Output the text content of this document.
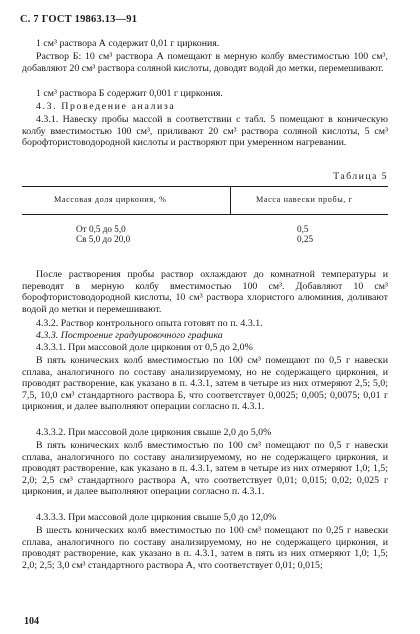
С. 7 ГОСТ 19863.13—91
1 см³ раствора А содержит 0,01 г циркония.
Раствор Б: 10 см³ раствора А помещают в мерную колбу вместимостью 100 см³, добавляют 20 см³ раствора соляной кислоты, доводят водой до метки, перемешивают.
1 см³ раствора Б содержит 0,001 г циркония.
4.3. Проведение анализа
4.3.1. Навеску пробы массой в соответствии с табл. 5 помещают в коническую колбу вместимостью 100 см³, приливают 20 см³ раствора соляной кислоты, 5 см³ борофтористоводородной кислоты и растворяют при умеренном нагревании.
Таблица 5
Массовая доля циркония, %	Масса навески пробы, г
От 0,5 до 5,0	0,5
Св 5,0 до 20,0	0,25
После растворения пробы раствор охлаждают до комнатной температуры и переводят в мерную колбу вместимостью 100 см³. Добавляют 10 см³ борофтористоводородной кислоты, 10 см³ раствора хлористого алюминия, доливают водой до метки и перемешивают.
4.3.2. Раствор контрольного опыта готовят по п. 4.3.1.
4.3.3. Построение градуировочного графика
4.3.3.1. При массовой доле циркония от 0,5 до 2,0%
В пять конических колб вместимостью по 100 см³ помещают по 0,5 г навески сплава, аналогичного по составу анализируемому, но не содержащего циркония, и проводят растворение, как указано в п. 4.3.1, затем в четыре из них отмеряют 2,5; 5,0; 7,5, 10,0 см³ стандартного раствора Б, что соответствует 0,0025; 0,005; 0,0075; 0,01 г циркония, и далее выполняют операции согласно п. 4.3.1.
4.3.3.2. При массовой доле циркония свыше 2,0 до 5,0%
В пять конических колб вместимостью по 100 см³ помещают по 0,5 г навески сплава, аналогичного по составу анализируемому, но не содержащего циркония, и проводят растворение, как указано в п. 4.3.1, затем в четыре из них отмеряют 1,0; 1,5; 2,0; 2,5 см³ стандартного раствора А, что соответствует 0,01; 0,015; 0,02; 0,025 г циркония, и далее выполняют операции согласно п. 4.3.1.
4.3.3.3. При массовой доле циркония свыше 5,0 до 12,0%
В шесть конических колб вместимостью по 100 см³ помещают по 0,25 г навески сплава, аналогичного по составу анализируемому, но не содержащего циркония, и проводят растворение, как указано в п. 4.3.1, затем в пять из них отмеряют 1,0; 1,5; 2,0; 2,5; 3,0 см³ стандартного раствора А, что соответствует 0,01; 0,015;
104
